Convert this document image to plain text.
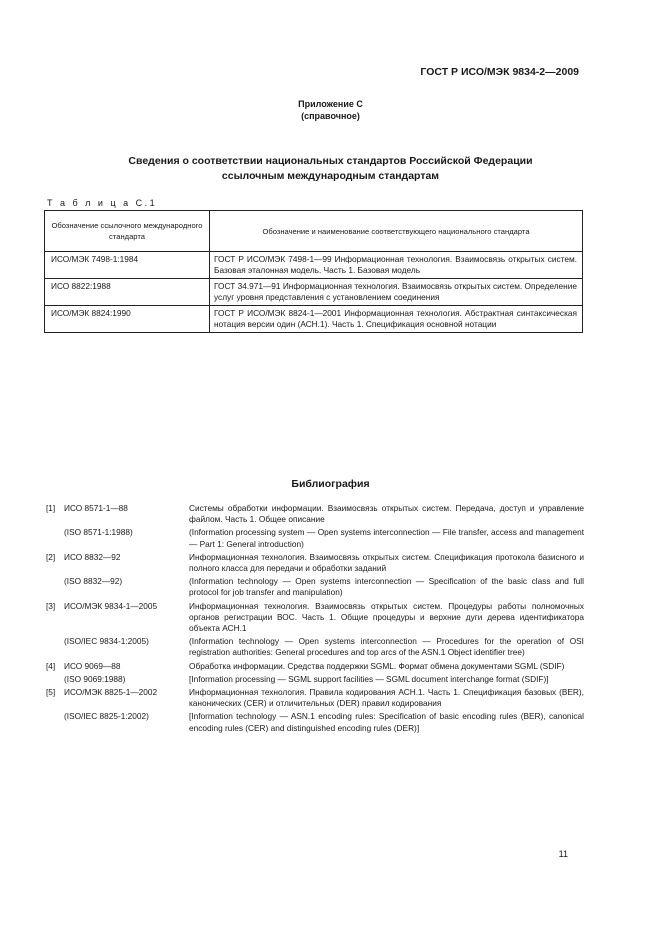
ГОСТ Р ИСО/МЭК 9834-2—2009
Приложение С
(справочное)
Сведения о соответствии национальных стандартов Российской Федерации
ссылочным международным стандартам
Т а б л и ц а С.1
Обозначение ссылочного международного стандарта	Обозначение и наименование соответствующего национального стандарта
ИСО/МЭК 7498-1:1984	ГОСТ Р ИСО/МЭК 7498-1—99 Информационная технология. Взаимосвязь открытых систем. Базовая эталонная модель. Часть 1. Базовая модель
ИСО 8822:1988	ГОСТ 34.971—91 Информационная технология. Взаимосвязь открытых систем. Определение услуг уровня представления с установлением соединения
ИСО/МЭК 8824:1990	ГОСТ Р ИСО/МЭК 8824-1—2001 Информационная технология. Абстрактная синтаксическая нотация версии один (АСН.1). Часть 1. Спецификация основной нотации
Библиография
[1]	ИСО 8571-1—88	Системы обработки информации. Взаимосвязь открытых систем. Передача, доступ и управление файлом. Часть 1. Общее описание
	(ISO 8571-1:1988)	(Information processing system — Open systems interconnection — File transfer, access and management — Part 1: General introduction)
[2]	ИСО 8832—92	Информационная технология. Взаимосвязь открытых систем. Спецификация протокола базисного и полного класса для передачи и обработки заданий
	(ISO 8832—92)	(Information technology — Open systems interconnection — Specification of the basic class and full protocol for job transfer and manipulation)
[3]	ИСО/МЭК 9834-1—2005	Информационная технология. Взаимосвязь открытых систем. Процедуры работы полномочных органов регистрации ВОС. Часть 1. Общие процедуры и верхние дуги дерева идентификатора объекта АСН.1
	(ISO/IEC 9834-1:2005)	(Information technology — Open systems interconnection — Procedures for the operation of OSI registration authorities: General procedures and top arcs of the ASN.1 Object identifier tree)
[4]	ИСО 9069—88	Обработка информации. Средства поддержки SGML. Формат обмена документами SGML (SDIF)
	(ISO 9069:1988)	[Information processing — SGML support facilities — SGML document interchange format (SDIF)]
[5]	ИСО/МЭК 8825-1—2002	Информационная технология. Правила кодирования АСН.1. Часть 1. Спецификация базовых (BER), канонических (CER) и отличительных (DER) правил кодирования
	(ISO/IEC 8825-1:2002)	[Information technology — ASN.1 encoding rules: Specification of basic encoding rules (BER), canonical encoding rules (CER) and distinguished encoding rules (DER)]
11
